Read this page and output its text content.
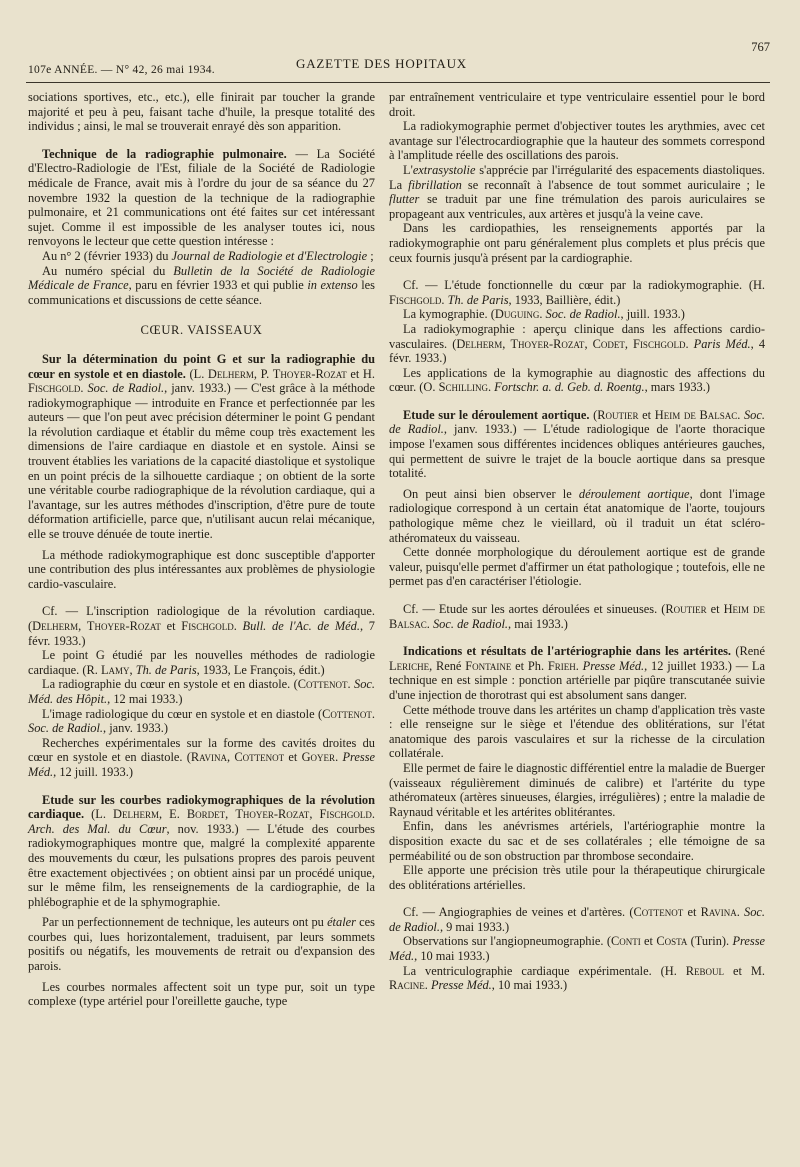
107e ANNÉE. — N° 42, 26 mai 1934.	GAZETTE DES HOPITAUX
767

sociations sportives, etc., etc.), elle finirait par toucher la grande majorité et peu à peu, faisant tache d'huile, la presque totalité des individus ; ainsi, le mal se trouverait enrayé dès son apparition.

Technique de la radiographie pulmonaire. — La Société d'Electro-Radiologie de l'Est, filiale de la Société de Radiologie médicale de France, avait mis à l'ordre du jour de sa séance du 27 novembre 1932 la question de la technique de la radiographie pulmonaire, et 21 communications ont été faites sur cet intéressant sujet. Comme il est impossible de les analyser toutes ici, nous renvoyons le lecteur que cette question intéresse :

Au n° 2 (février 1933) du Journal de Radiologie et d'Electrologie ;

Au numéro spécial du Bulletin de la Société de Radiologie Médicale de France, paru en février 1933 et qui publie in extenso les communications et discussions de cette séance.

CŒUR. VAISSEAUX

Sur la détermination du point G et sur la radiographie du cœur en systole et en diastole. (L. Delherm, P. Thoyer-Rozat et H. Fischgold. Soc. de Radiol., janv. 1933.) — C'est grâce à la méthode radiokymographique — introduite en France et perfectionnée par les auteurs — que l'on peut avec précision déterminer le point G pendant la révolution cardiaque et établir du même coup très exactement les dimensions de l'aire cardiaque en diastole et en systole. Ainsi se trouvent établies les variations de la capacité diastolique et systolique en un point précis de la silhouette cardiaque ; on obtient de la sorte une véritable courbe radiographique de la révolution cardiaque, qui a l'avantage, sur les autres méthodes d'inscription, d'être pure de toute déformation artificielle, parce que, n'utilisant aucun relai mécanique, elle se trouve dénuée de toute inertie.

La méthode radiokymographique est donc susceptible d'apporter une contribution des plus intéressantes aux problèmes de physiologie cardio-vasculaire.

Cf. — L'inscription radiologique de la révolution cardiaque. (Delherm, Thoyer-Rozat et Fischgold. Bull. de l'Ac. de Méd., 7 févr. 1933.)

Le point G étudié par les nouvelles méthodes de radiologie cardiaque. (R. Lamy, Th. de Paris, 1933, Le François, édit.)

La radiographie du cœur en systole et en diastole. (Cottenot. Soc. Méd. des Hôpit., 12 mai 1933.)

L'image radiologique du cœur en systole et en diastole (Cottenot. Soc. de Radiol., janv. 1933.)

Recherches expérimentales sur la forme des cavités droites du cœur en systole et en diastole. (Ravina, Cottenot et Goyer. Presse Méd., 12 juill. 1933.)

Etude sur les courbes radiokymographiques de la révolution cardiaque. (L. Delherm, E. Bordet, Thoyer-Rozat, Fischgold. Arch. des Mal. du Cœur, nov. 1933.) — L'étude des courbes radiokymographiques montre que, malgré la complexité apparente des mouvements du cœur, les pulsations propres des parois peuvent être exactement objectivées ; on obtient ainsi par un procédé unique, sur le même film, les renseignements de la cardiographie, de la phlébographie et de la sphymographie.

Par un perfectionnement de technique, les auteurs ont pu étaler ces courbes qui, lues horizontalement, traduisent, par leurs sommets positifs ou négatifs, les mouvements de retrait ou d'expansion des parois.

Les courbes normales affectent soit un type pur, soit un type complexe (type artériel pour l'oreillette gauche, type

par entraînement ventriculaire et type ventriculaire essentiel pour le bord droit.

La radiokymographie permet d'objectiver toutes les arythmies, avec cet avantage sur l'électrocardiographie que la hauteur des sommets correspond à l'amplitude réelle des oscillations des parois.

L'extrasystolie s'apprécie par l'irrégularité des espacements diastoliques. La fibrillation se reconnaît à l'absence de tout sommet auriculaire ; le flutter se traduit par une fine trémulation des parois auriculaires se propageant aux ventricules, aux artères et jusqu'à la veine cave.

Dans les cardiopathies, les renseignements apportés par la radiokymographie ont paru généralement plus complets et plus précis que ceux fournis jusqu'à présent par la cardiographie.

Cf. — L'étude fonctionnelle du cœur par la radiokymographie. (H. Fischgold. Th. de Paris, 1933, Baillière, édit.)

La kymographie. (Duguing. Soc. de Radiol., juill. 1933.)

La radiokymographie : aperçu clinique dans les affections cardio-vasculaires. (Delherm, Thoyer-Rozat, Codet, Fischgold. Paris Méd., 4 févr. 1933.)

Les applications de la kymographie au diagnostic des affections du cœur. (O. Schilling. Fortschr. a. d. Geb. d. Roentg., mars 1933.)

Etude sur le déroulement aortique. (Routier et Heim de Balsac. Soc. de Radiol., janv. 1933.) — L'étude radiologique de l'aorte thoracique impose l'examen sous différentes incidences obliques antérieures gauches, qui permettent de suivre le trajet de la boucle aortique dans sa presque totalité.

On peut ainsi bien observer le déroulement aortique, dont l'image radiologique correspond à un certain état anatomique de l'aorte, toujours pathologique même chez le vieillard, où il traduit un état scléro-athéromateux du vaisseau.

Cette donnée morphologique du déroulement aortique est de grande valeur, puisqu'elle permet d'affirmer un état pathologique ; toutefois, elle ne permet pas d'en caractériser l'étiologie.

Cf. — Etude sur les aortes déroulées et sinueuses. (Routier et Heim de Balsac. Soc. de Radiol., mai 1933.)

Indications et résultats de l'artériographie dans les artérites. (René Leriche, René Fontaine et Ph. Frieh. Presse Méd., 12 juillet 1933.) — La technique en est simple : ponction artérielle par piqûre transcutanée suivie d'une injection de thorotrast qui est absolument sans danger.

Cette méthode trouve dans les artérites un champ d'application très vaste : elle renseigne sur le siège et l'étendue des oblitérations, sur l'état anatomique des parois vasculaires et sur la richesse de la circulation collatérale.

Elle permet de faire le diagnostic différentiel entre la maladie de Buerger (vaisseaux régulièrement diminués de calibre) et l'artérite du type athéromateux (artères sinueuses, élargies, irrégulières) ; entre la maladie de Raynaud véritable et les artérites oblitérantes.

Enfin, dans les anévrismes artériels, l'artériographie montre la disposition exacte du sac et de ses collatérales ; elle témoigne de sa perméabilité ou de son obstruction par thrombose secondaire.

Elle apporte une précision très utile pour la thérapeutique chirurgicale des oblitérations artérielles.

Cf. — Angiographies de veines et d'artères. (Cottenot et Ravina. Soc. de Radiol., 9 mai 1933.)

Observations sur l'angiopneumographie. (Conti et Costa (Turin). Presse Méd., 10 mai 1933.)

La ventriculographie cardiaque expérimentale. (H. Reboul et M. Racine. Presse Méd., 10 mai 1933.)
